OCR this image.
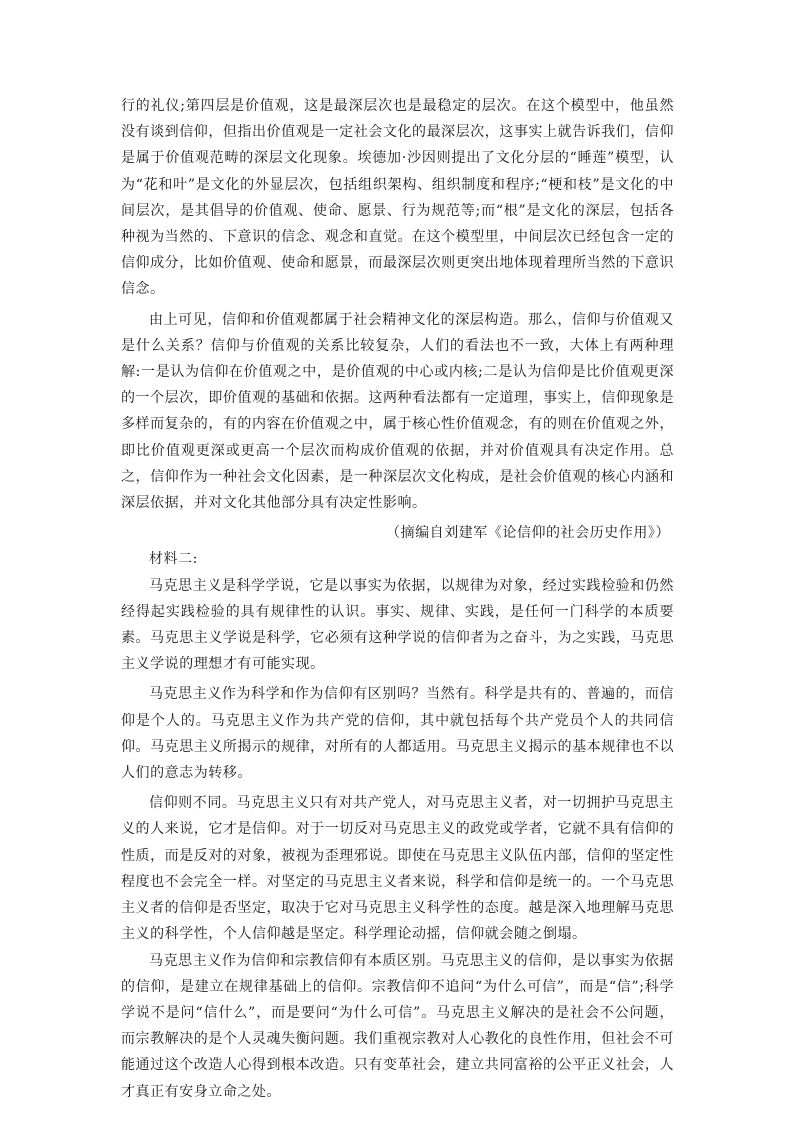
行的礼仪;第四层是价值观，这是最深层次也是最稳定的层次。在这个模型中，他虽然没有谈到信仰，但指出价值观是一定社会文化的最深层次，这事实上就告诉我们，信仰是属于价值观范畴的深层文化现象。埃德加·沙因则提出了文化分层的“睡莲”模型，认为“花和叶”是文化的外显层次，包括组织架构、组织制度和程序;“梗和枝”是文化的中间层次，是其倡导的价值观、使命、愿景、行为规范等;而“根”是文化的深层，包括各种视为当然的、下意识的信念、观念和直觉。在这个模型里，中间层次已经包含一定的信仰成分，比如价值观、使命和愿景，而最深层次则更突出地体现着理所当然的下意识信念。

由上可见，信仰和价值观都属于社会精神文化的深层构造。那么，信仰与价值观又是什么关系？信仰与价值观的关系比较复杂，人们的看法也不一致，大体上有两种理解:一是认为信仰在价值观之中，是价值观的中心或内核;二是认为信仰是比价值观更深的一个层次，即价值观的基础和依据。这两种看法都有一定道理，事实上，信仰现象是多样而复杂的，有的内容在价值观之中，属于核心性价值观念，有的则在价值观之外，即比价值观更深或更高一个层次而构成价值观的依据，并对价值观具有决定作用。总之，信仰作为一种社会文化因素，是一种深层次文化构成，是社会价值观的核心内涵和深层依据，并对文化其他部分具有决定性影响。

（摘编自刘建军《论信仰的社会历史作用》）

材料二:

马克思主义是科学学说，它是以事实为依据，以规律为对象，经过实践检验和仍然经得起实践检验的具有规律性的认识。事实、规律、实践，是任何一门科学的本质要素。马克思主义学说是科学，它必须有这种学说的信仰者为之奋斗，为之实践，马克思主义学说的理想才有可能实现。

马克思主义作为科学和作为信仰有区别吗？当然有。科学是共有的、普遍的，而信仰是个人的。马克思主义作为共产党的信仰，其中就包括每个共产党员个人的共同信仰。马克思主义所揭示的规律，对所有的人都适用。马克思主义揭示的基本规律也不以人们的意志为转移。

信仰则不同。马克思主义只有对共产党人，对马克思主义者，对一切拥护马克思主义的人来说，它才是信仰。对于一切反对马克思主义的政党或学者，它就不具有信仰的性质，而是反对的对象，被视为歪理邪说。即使在马克思主义队伍内部，信仰的坚定性程度也不会完全一样。对坚定的马克思主义者来说，科学和信仰是统一的。一个马克思主义者的信仰是否坚定，取决于它对马克思主义科学性的态度。越是深入地理解马克思主义的科学性，个人信仰越是坚定。科学理论动摇，信仰就会随之倒塌。

马克思主义作为信仰和宗教信仰有本质区别。马克思主义的信仰，是以事实为依据的信仰，是建立在规律基础上的信仰。宗教信仰不追问“为什么可信”，而是“信”;科学学说不是问“信什么”，而是要问“为什么可信”。马克思主义解决的是社会不公问题，而宗教解决的是个人灵魂失衡问题。我们重视宗教对人心教化的良性作用，但社会不可能通过这个改造人心得到根本改造。只有变革社会，建立共同富裕的公平正义社会，人才真正有安身立命之处。
